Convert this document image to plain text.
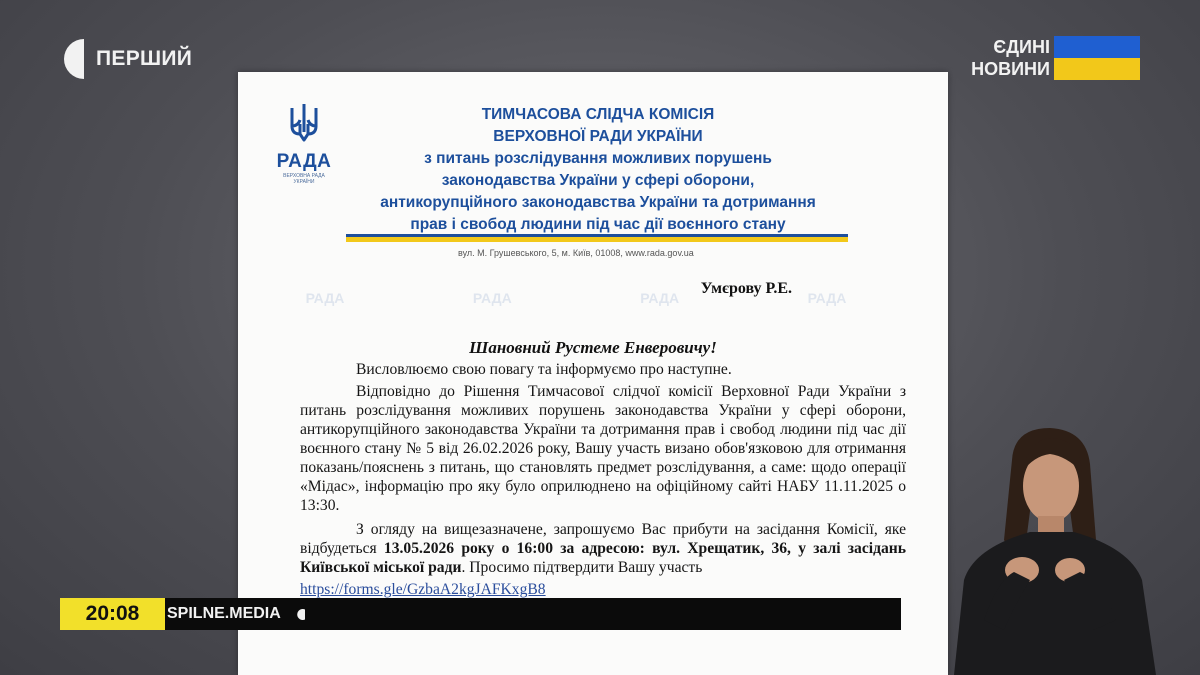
ПЕРШИЙ	ЄДИНІ
НОВИНИ
РАДА
ВЕРХОВНА РАДА УКРАЇНИ
ТИМЧАСОВА СЛІДЧА КОМІСІЯ
ВЕРХОВНОЇ РАДИ УКРАЇНИ
з питань розслідування можливих порушень
законодавства України у сфері оборони,
антикорупційного законодавства України та дотримання
прав і свобод людини під час дії воєнного стану
вул. М. Грушевського, 5, м. Київ, 01008, www.rada.gov.ua
РАДА	РАДА	РАДА	РАДА
Умєрову Р.Е.
Шановний Рустеме Енверовичу!

Висловлюємо свою повагу та інформуємо про наступне.

Відповідно до Рішення Тимчасової слідчої комісії Верховної Ради України з питань розслідування можливих порушень законодавства України у сфері оборони, антикорупційного законодавства України та дотримання прав і свобод людини під час дії воєнного стану № 5 від 26.02.2026 року, Вашу участь визано обов'язковою для отримання показань/пояснень з питань, що становлять предмет розслідування, а саме: щодо операції «Мідас», інформацію про яку було оприлюднено на офіційному сайті НАБУ 11.11.2025 о 13:30.

З огляду на вищезазначене, запрошуємо Вас прибути на засідання Комісії, яке відбудеться 13.05.2026 року о 16:00 за адресою: вул. Хрещатик, 36, у залі засідань Київської міської ради. Просимо підтвердити Вашу участь

https://forms.gle/GzbaA2kgJAFKxgB8

20:08	SPILNE.MEDIA
